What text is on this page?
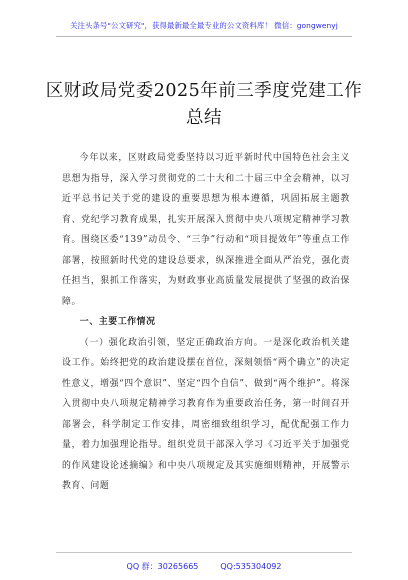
关注头条号"公文研究"，获得最新最全最专业的公文资料库！ 微信：gongwenyj
区财政局党委2025年前三季度党建工作总结

今年以来，区财政局党委坚持以习近平新时代中国特色社会主义思想为指导，深入学习贯彻党的二十大和二十届三中全会精神，以习近平总书记关于党的建设的重要思想为根本遵循，巩固拓展主题教育、党纪学习教育成果，扎实开展深入贯彻中央八项规定精神学习教育。围绕区委“139”动员令、“三争”行动和“项目提效年”等重点工作部署，按照新时代党的建设总要求，纵深推进全面从严治党，强化责任担当，狠抓工作落实，为财政事业高质量发展提供了坚强的政治保障。

一、主要工作情况

（一）强化政治引领，坚定正确政治方向。一是深化政治机关建设工作。始终把党的政治建设摆在首位，深刻领悟“两个确立”的决定性意义，增强“四个意识”、坚定“四个自信”、做到“两个维护”。将深入贯彻中央八项规定精神学习教育作为重要政治任务，第一时间召开部署会，科学制定工作安排，周密细致组织学习，配优配强工作力量，着力加强理论指导。组织党员干部深入学习《习近平关于加强党的作风建设论述摘编》和中央八项规定及其实施细则精神，开展警示教育、问题

QQ 群：30265665	QQ:535304092
